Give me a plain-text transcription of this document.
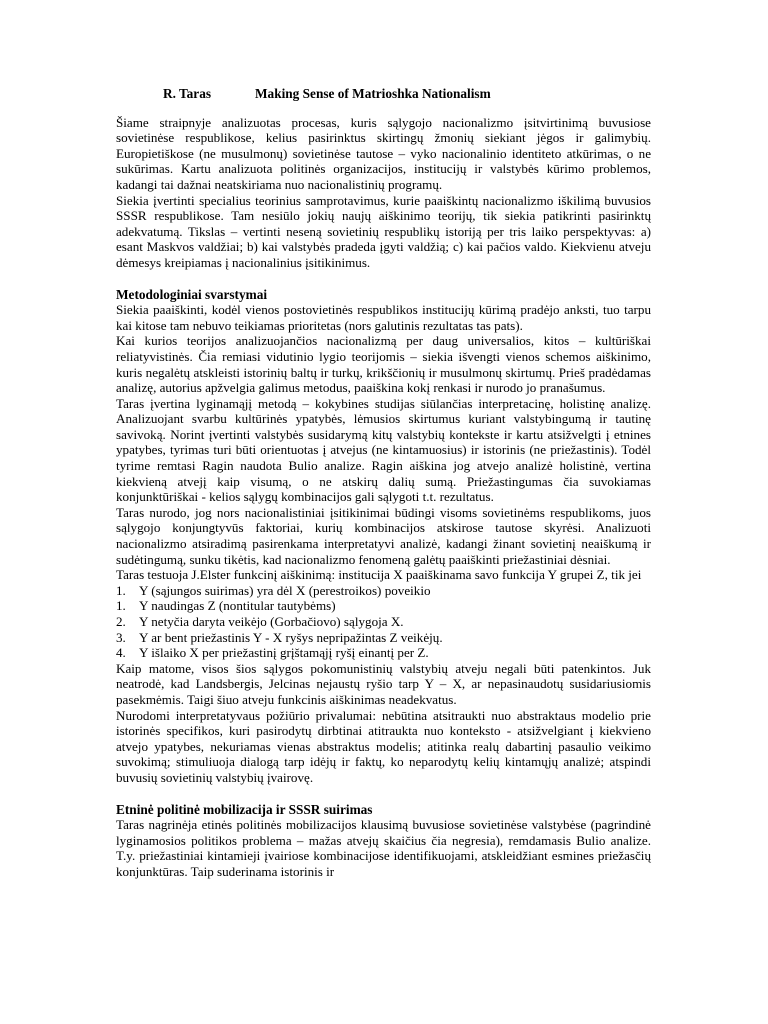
R. Taras	Making Sense of Matrioshka Nationalism

Šiame straipnyje analizuotas procesas, kuris sąlygojo nacionalizmo įsitvirtinimą buvusiose sovietinėse respublikose, kelius pasirinktus skirtingų žmonių siekiant jėgos ir galimybių. Europietiškose (ne musulmonų) sovietinėse tautose – vyko nacionalinio identiteto atkūrimas, o ne sukūrimas. Kartu analizuota politinės organizacijos, institucijų ir valstybės kūrimo problemos, kadangi tai dažnai neatskiriama nuo nacionalistinių programų.

Siekia įvertinti specialius teorinius samprotavimus, kurie paaiškintų nacionalizmo iškilimą buvusios SSSR respublikose. Tam nesiūlo jokių naujų aiškinimo teorijų, tik siekia patikrinti pasirinktų adekvatumą. Tikslas – vertinti neseną sovietinių respublikų istoriją per tris laiko perspektyvas: a) esant Maskvos valdžiai; b) kai valstybės pradeda įgyti valdžią; c) kai pačios valdo. Kiekvienu atveju dėmesys kreipiamas į nacionalinius įsitikinimus.

Metodologiniai svarstymai

Siekia paaiškinti, kodėl vienos postovietinės respublikos institucijų kūrimą pradėjo anksti, tuo tarpu kai kitose tam nebuvo teikiamas prioritetas (nors galutinis rezultatas tas pats).

Kai kurios teorijos analizuojančios nacionalizmą per daug universalios, kitos – kultūriškai reliatyvistinės. Čia remiasi vidutinio lygio teorijomis – siekia išvengti vienos schemos aiškinimo, kuris negalėtų atskleisti istorinių baltų ir turkų, krikščionių ir musulmonų skirtumų. Prieš pradėdamas analizę, autorius apžvelgia galimus metodus, paaiškina kokį renkasi ir nurodo jo pranašumus.

Taras įvertina lyginamąjį metodą – kokybines studijas siūlančias interpretacinę, holistinę analizę. Analizuojant svarbu kultūrinės ypatybės, lėmusios skirtumus kuriant valstybingumą ir tautinę savivoką. Norint įvertinti valstybės susidarymą kitų valstybių kontekste ir kartu atsižvelgti į etnines ypatybes, tyrimas turi būti orientuotas į atvejus (ne kintamuosius) ir istorinis (ne priežastinis). Todėl tyrime remtasi Ragin naudota Bulio analize. Ragin aiškina jog atvejo analizė holistinė, vertina kiekvieną atvejį kaip visumą, o ne atskirų dalių sumą. Priežastingumas čia suvokiamas konjunktūriškai - kelios sąlygų kombinacijos gali sąlygoti t.t. rezultatus.

Taras nurodo, jog nors nacionalistiniai įsitikinimai būdingi visoms sovietinėms respublikoms, juos sąlygojo konjungtyvūs faktoriai, kurių kombinacijos atskirose tautose skyrėsi. Analizuoti nacionalizmo atsiradimą pasirenkama interpretatyvi analizė, kadangi žinant sovietinį neaiškumą ir sudėtingumą, sunku tikėtis, kad nacionalizmo fenomeną galėtų paaiškinti priežastiniai dėsniai.

Taras testuoja J.Elster funkcinį aiškinimą: institucija X paaiškinama savo funkcija Y grupei Z, tik jei

1.	Y (sąjungos suirimas) yra dėl X (perestroikos) poveikio
1.	Y naudingas Z (nontitular tautybėms)
2.	Y netyčia daryta veikėjo (Gorbačiovo) sąlygoja X.
3.	Y ar bent priežastinis Y - X ryšys nepripažintas Z veikėjų.
4.	Y išlaiko X per priežastinį grįštamąjį ryšį einantį per Z.

Kaip matome, visos šios sąlygos pokomunistinių valstybių atveju negali būti patenkintos. Juk neatrodė, kad Landsbergis, Jelcinas nejaustų ryšio tarp Y – X, ar nepasinaudotų susidariusiomis pasekmėmis. Taigi šiuo atveju funkcinis aiškinimas neadekvatus.

Nurodomi interpretatyvaus požiūrio privalumai: nebūtina atsitraukti nuo abstraktaus modelio prie istorinės specifikos, kuri pasirodytų dirbtinai atitraukta nuo konteksto - atsižvelgiant į kiekvieno atvejo ypatybes, nekuriamas vienas abstraktus modelis; atitinka realų dabartinį pasaulio veikimo suvokimą; stimuliuoja dialogą tarp idėjų ir faktų, ko neparodytų kelių kintamųjų analizė; atspindi buvusių sovietinių valstybių įvairovę.

Etninė politinė mobilizacija ir SSSR suirimas

Taras nagrinėja etinės politinės mobilizacijos klausimą buvusiose sovietinėse valstybėse (pagrindinė lyginamosios politikos problema – mažas atvejų skaičius čia negresia), remdamasis Bulio analize. T.y. priežastiniai kintamieji įvairiose kombinacijose identifikuojami, atskleidžiant esmines priežasčių konjunktūras. Taip suderinama istorinis ir
